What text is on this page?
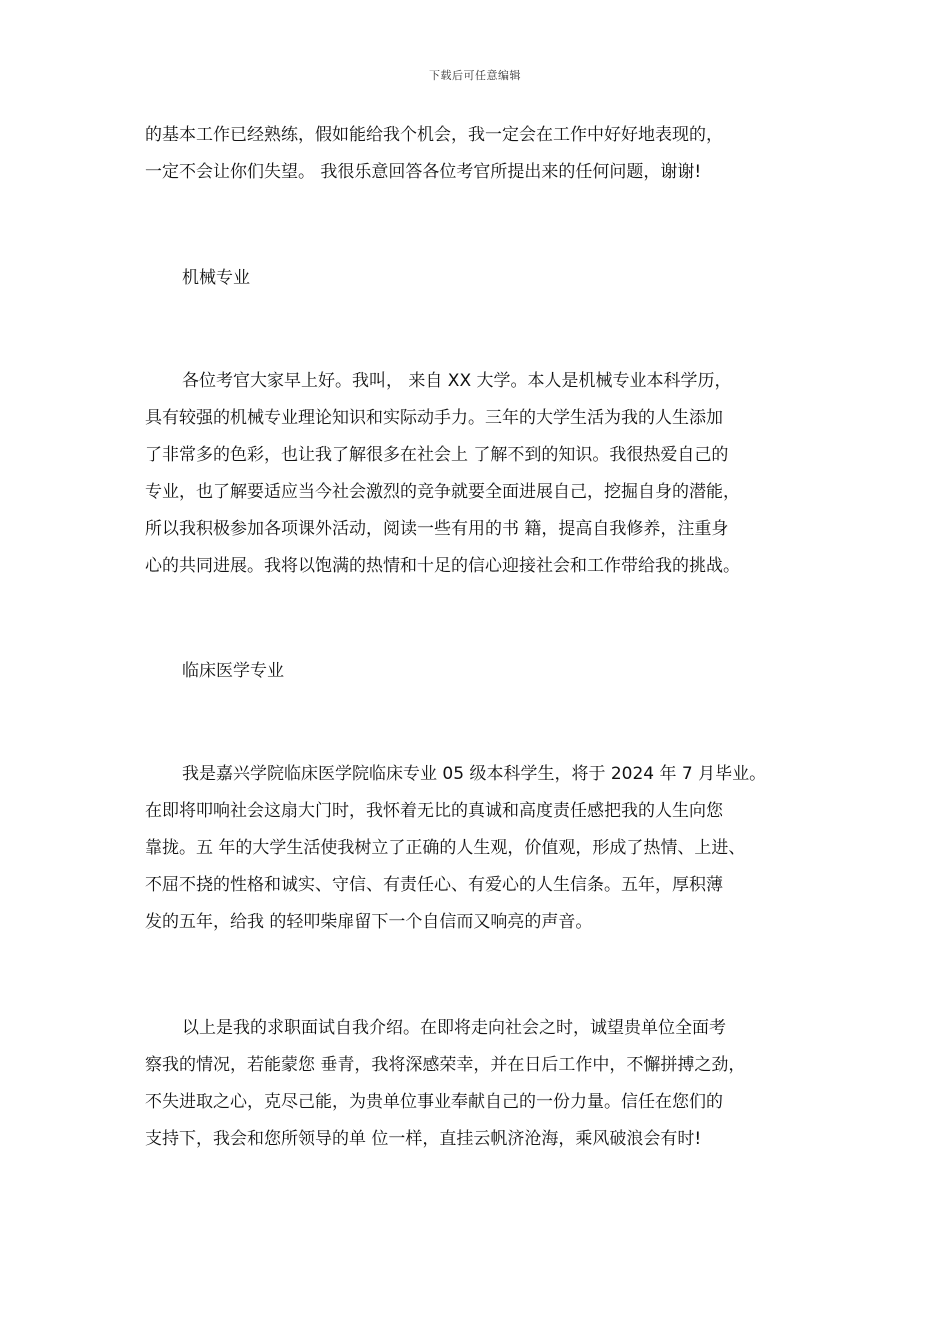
下载后可任意编辑
的基本工作已经熟练，假如能给我个机会，我一定会在工作中好好地表现的，
一定不会让你们失望。 我很乐意回答各位考官所提出来的任何问题，谢谢!
机械专业
各位考官大家早上好。我叫， 来自 XX 大学。本人是机械专业本科学历，
具有较强的机械专业理论知识和实际动手力。三年的大学生活为我的人生添加
了非常多的色彩，也让我了解很多在社会上 了解不到的知识。我很热爱自己的
专业，也了解要适应当今社会激烈的竞争就要全面进展自己，挖掘自身的潜能，
所以我积极参加各项课外活动，阅读一些有用的书 籍，提高自我修养，注重身
心的共同进展。我将以饱满的热情和十足的信心迎接社会和工作带给我的挑战。
临床医学专业
我是嘉兴学院临床医学院临床专业 05 级本科学生，将于 2024 年 7 月毕业。
在即将叩响社会这扇大门时，我怀着无比的真诚和高度责任感把我的人生向您
靠拢。五 年的大学生活使我树立了正确的人生观，价值观，形成了热情、上进、
不屈不挠的性格和诚实、守信、有责任心、有爱心的人生信条。五年，厚积薄
发的五年，给我 的轻叩柴扉留下一个自信而又响亮的声音。
以上是我的求职面试自我介绍。在即将走向社会之时，诚望贵单位全面考
察我的情况，若能蒙您 垂青，我将深感荣幸，并在日后工作中，不懈拼搏之劲，
不失进取之心，克尽己能，为贵单位事业奉献自己的一份力量。信任在您们的
支持下，我会和您所领导的单 位一样，直挂云帆济沧海，乘风破浪会有时!
